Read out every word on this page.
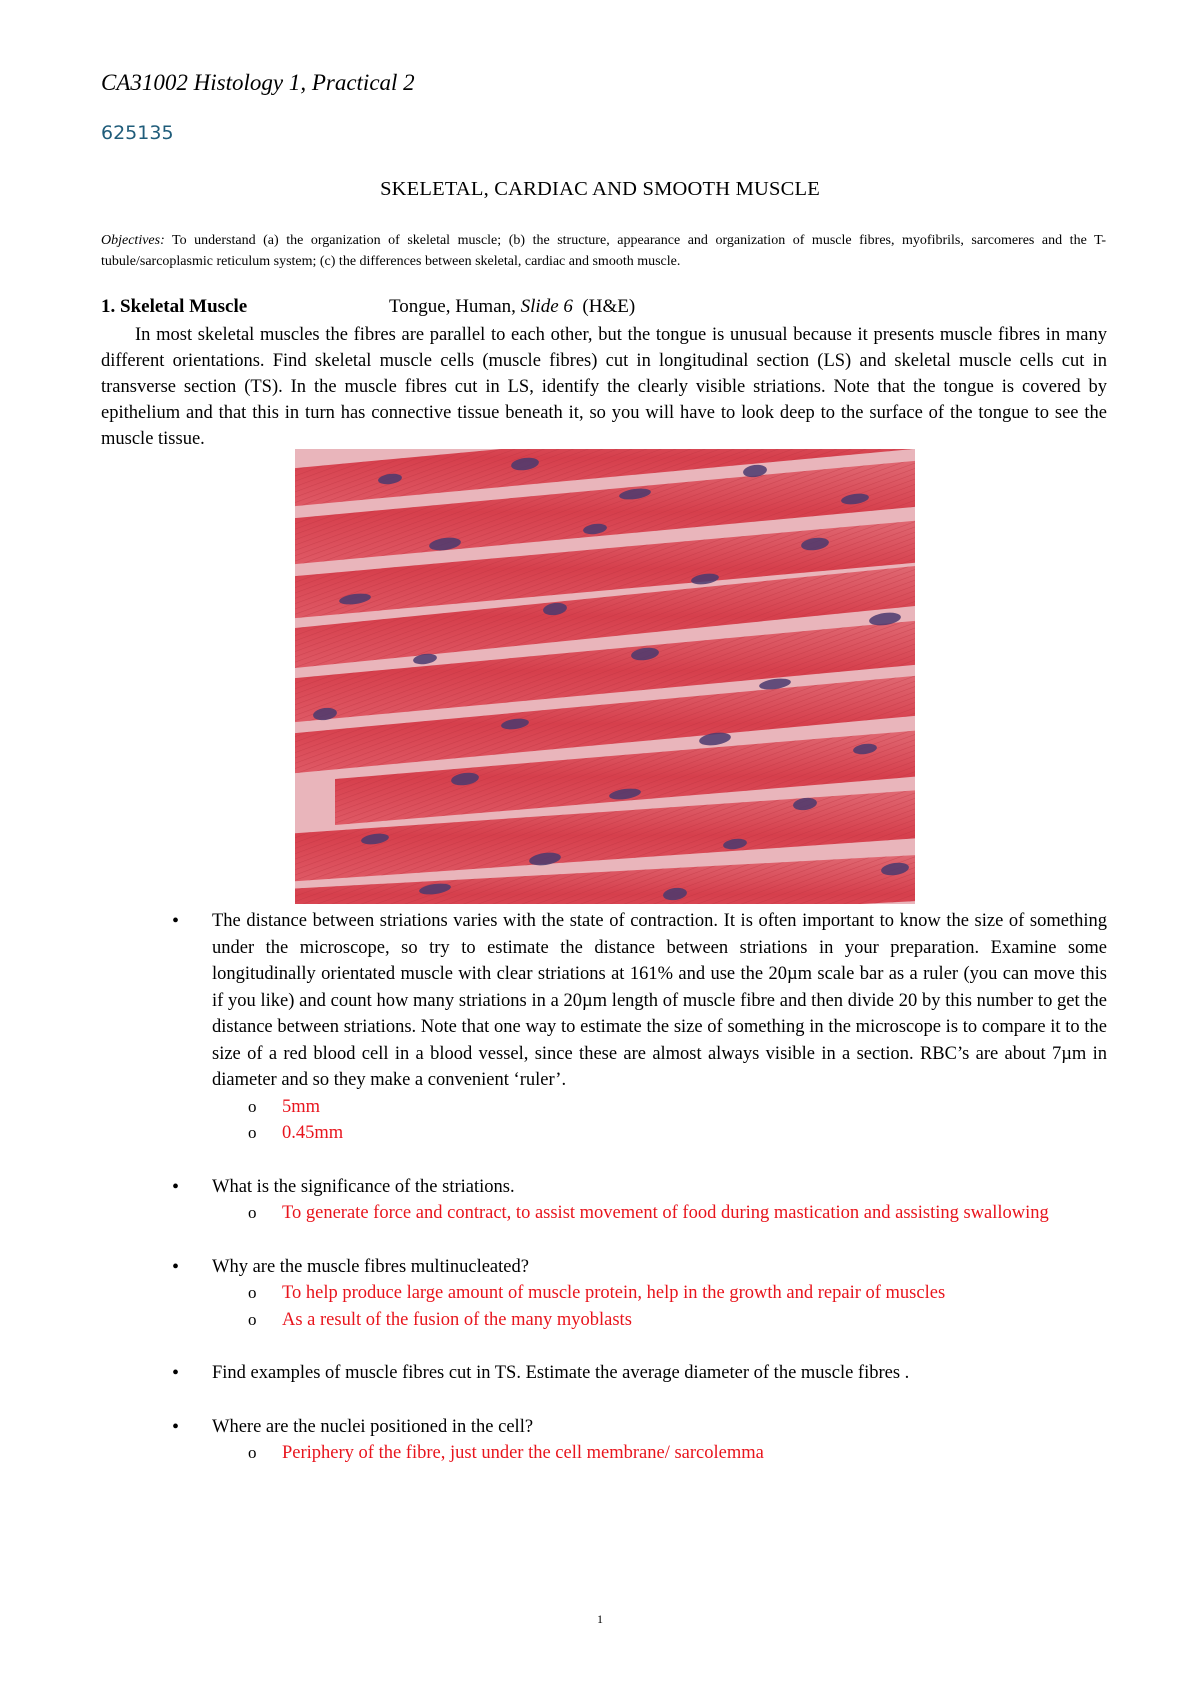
CA31002 Histology 1, Practical 2
625135
SKELETAL, CARDIAC AND SMOOTH MUSCLE
Objectives: To understand (a) the organization of skeletal muscle; (b) the structure, appearance and organization of muscle fibres, myofibrils, sarcomeres and the T-tubule/sarcoplasmic reticulum system; (c) the differences between skeletal, cardiac and smooth muscle.
1. Skeletal Muscle	Tongue, Human, Slide 6 (H&E)

In most skeletal muscles the fibres are parallel to each other, but the tongue is unusual because it presents muscle fibres in many different orientations. Find skeletal muscle cells (muscle fibres) cut in longitudinal section (LS) and skeletal muscle cells cut in transverse section (TS). In the muscle fibres cut in LS, identify the clearly visible striations. Note that the tongue is covered by epithelium and that this in turn has connective tissue beneath it, so you will have to look deep to the surface of the tongue to see the muscle tissue.

• The distance between striations varies with the state of contraction. It is often important to know the size of something under the microscope, so try to estimate the distance between striations in your preparation. Examine some longitudinally orientated muscle with clear striations at 161% and use the 20µm scale bar as a ruler (you can move this if you like) and count how many striations in a 20µm length of muscle fibre and then divide 20 by this number to get the distance between striations. Note that one way to estimate the size of something in the microscope is to compare it to the size of a red blood cell in a blood vessel, since these are almost always visible in a section. RBC’s are about 7µm in diameter and so they make a convenient ‘ruler’.
o 5mm
o 0.45mm
• What is the significance of the striations.
o To generate force and contract, to assist movement of food during mastication and assisting swallowing
• Why are the muscle fibres multinucleated?
o To help produce large amount of muscle protein, help in the growth and repair of muscles
o As a result of the fusion of the many myoblasts
• Find examples of muscle fibres cut in TS. Estimate the average diameter of the muscle fibres .
• Where are the nuclei positioned in the cell?
o Periphery of the fibre, just under the cell membrane/ sarcolemma
1
